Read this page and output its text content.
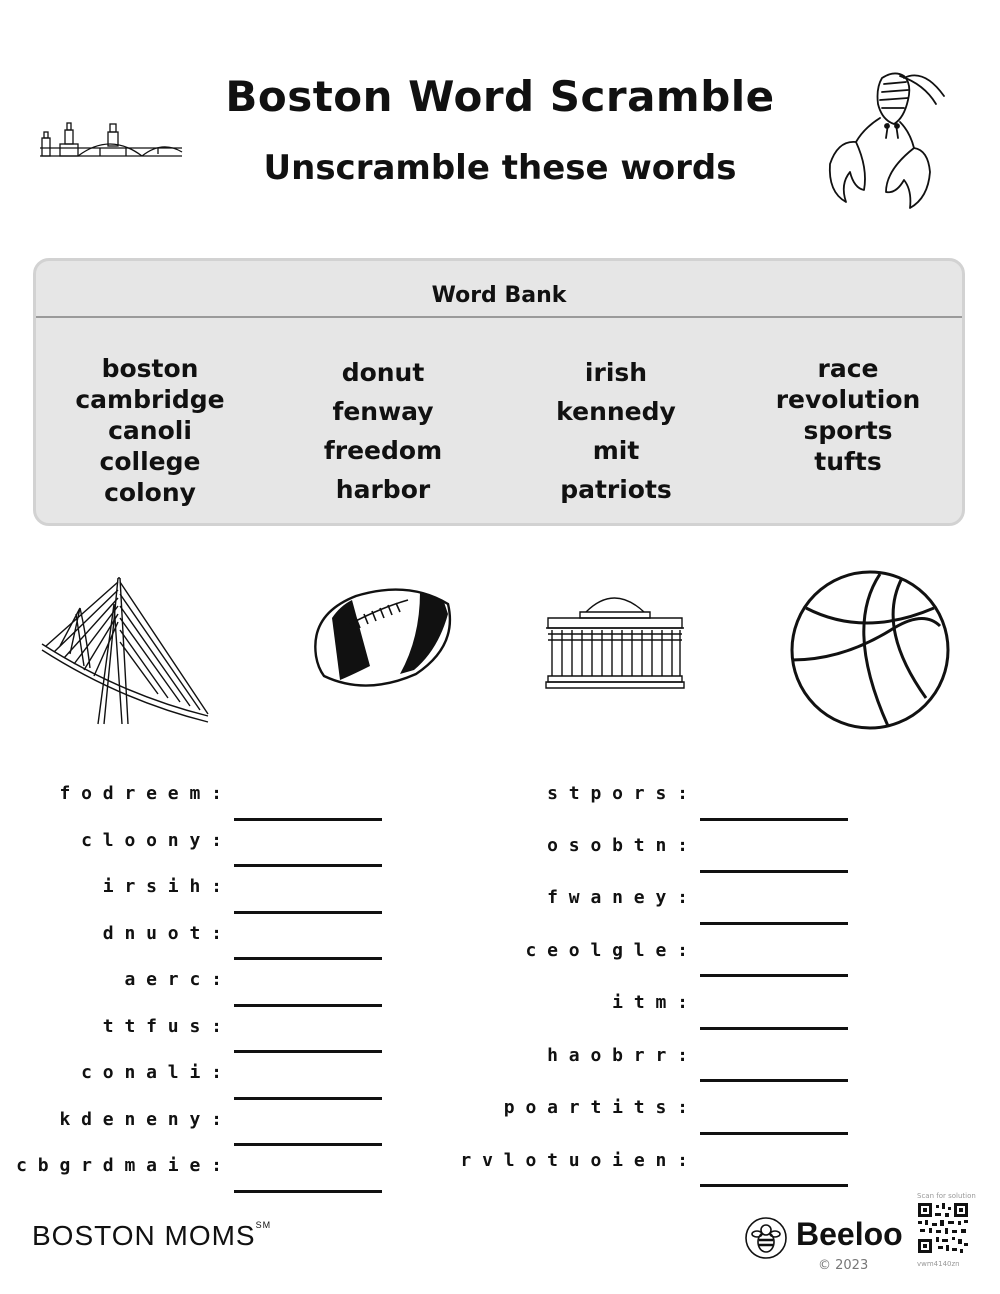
Boston Word Scramble
Unscramble these words
Word Bank
boston
cambridge
canoli
college
colony
donut
fenway
freedom
harbor
irish
kennedy
mit
patriots
race
revolution
sports
tufts
f o d r e e m :
c l o o n y :
i r s i h :
d n u o t :
a e r c :
t t f u s :
c o n a l i :
k d e n e n y :
c b g r d m a i e :
s t p o r s :
o s o b t n :
f w a n e y :
c e o l g l e :
i t m :
h a o b r r :
p o a r t i t s :
r v l o t u o i e n :
BOSTON MOMS℠	Beeloo
© 2023
Scan for solution
vwm4140zn
